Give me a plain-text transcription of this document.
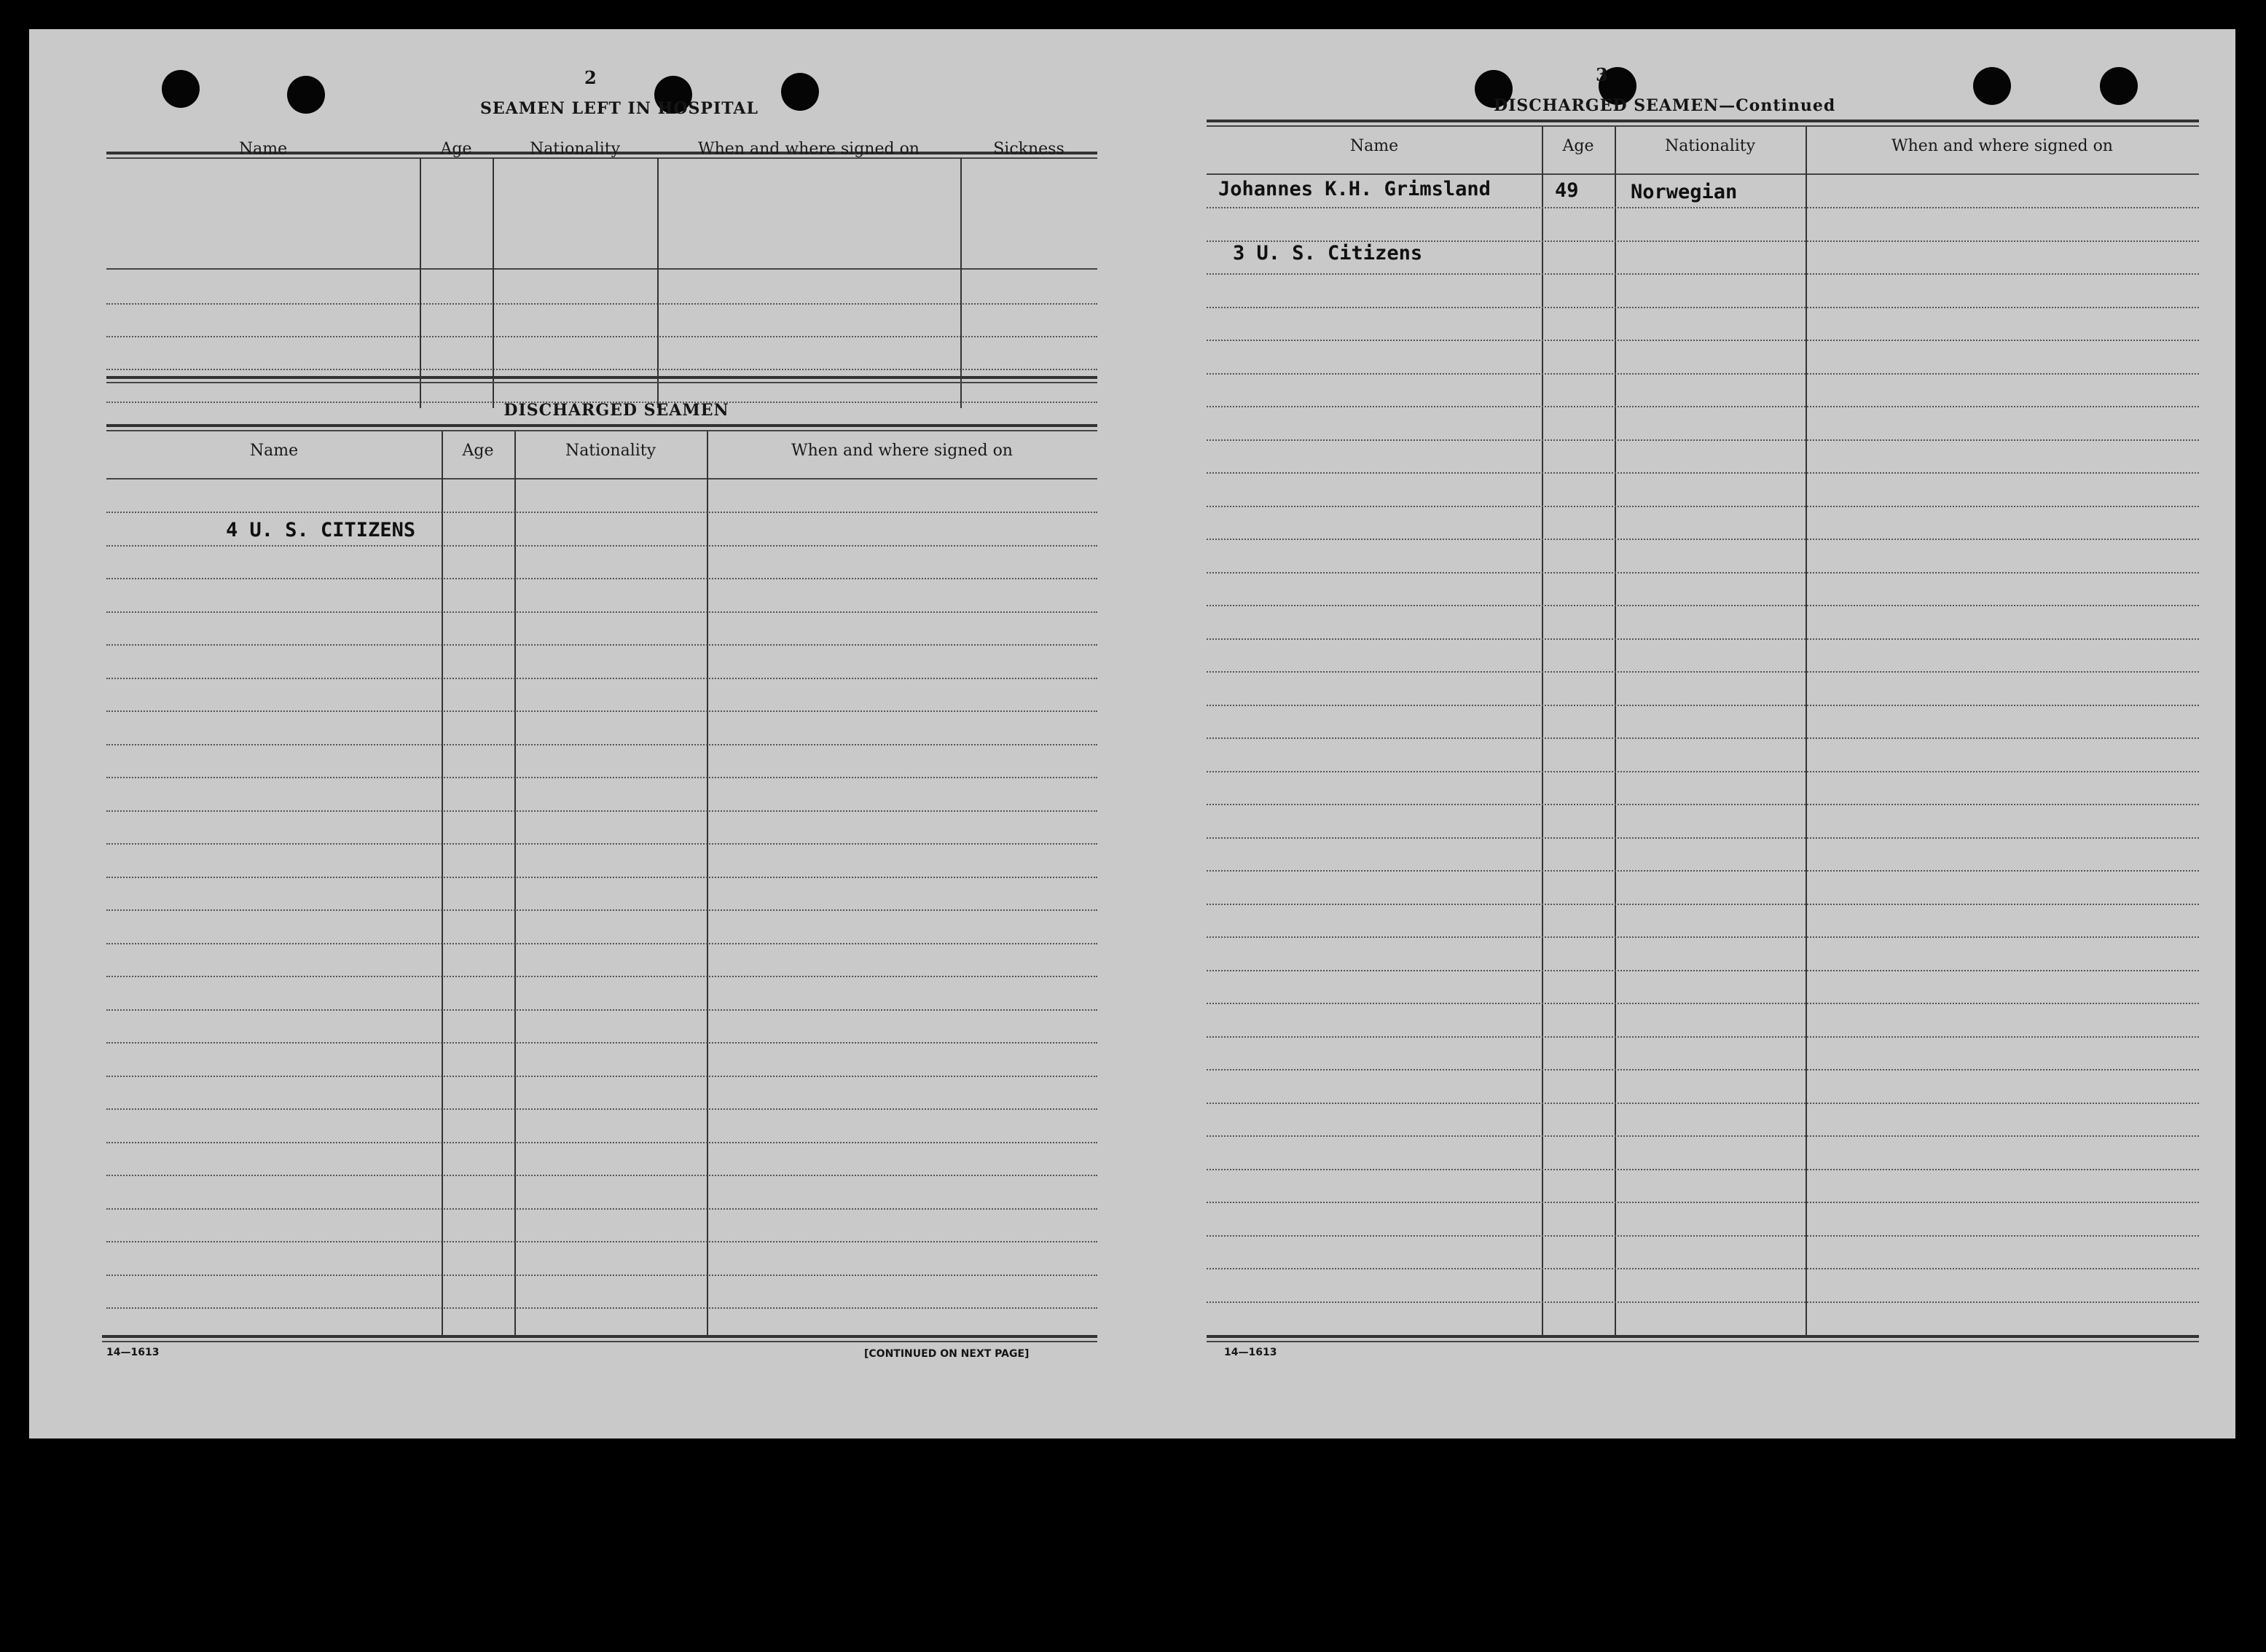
2
SEAMEN LEFT IN HOSPITAL
Name	Age	Nationality	When and where signed on	Sickness
DISCHARGED SEAMEN
Name	Age	Nationality	When and where signed on
4 U. S. CITIZENS
14—1613	[CONTINUED ON NEXT PAGE]
3
DISCHARGED SEAMEN—Continued
Name	Age	Nationality	When and where signed on
Johannes K.H. Grimsland	49	Norwegian
3 U. S. Citizens
14—1613
